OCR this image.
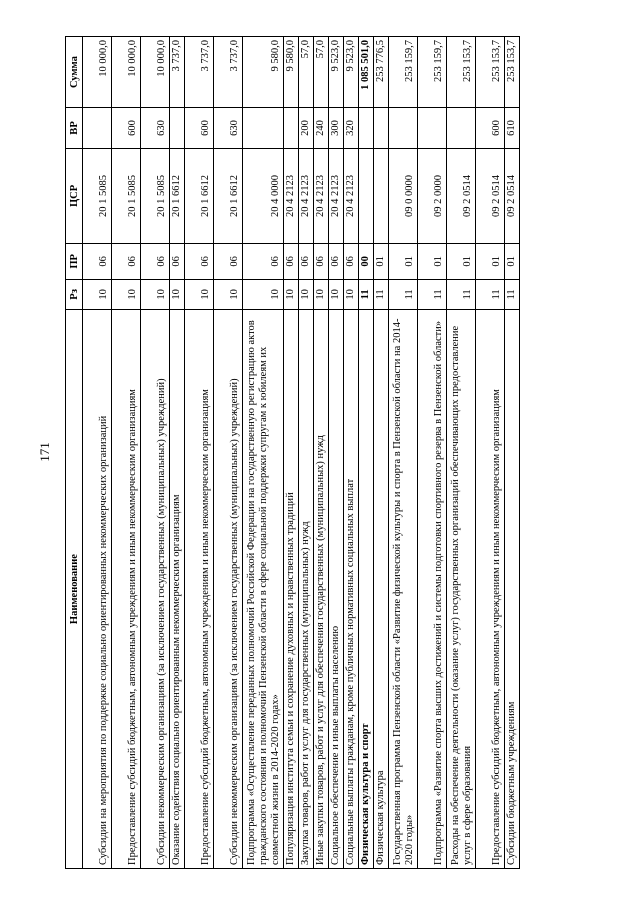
171
Наименование	Рз	ПР	ЦСР	ВР	Сумма
Субсидии на мероприятия по поддержке социально ориентированных некоммерческих организаций	10	06	20 1 5085		10 000,0
Предоставление субсидий бюджетным, автономным учреждениям и иным некоммерческим организациям	10	06	20 1 5085	600	10 000,0
Субсидии некоммерческим организациям (за исключением государственных (муниципальных) учреждений)	10	06	20 1 5085	630	10 000,0
Оказание содействия социально ориентированным некоммерческим организациям	10	06	20 1 6612		3 737,0
Предоставление субсидий бюджетным, автономным учреждениям и иным некоммерческим организациям	10	06	20 1 6612	600	3 737,0
Субсидии некоммерческим организациям (за исключением государственных (муниципальных) учреждений)	10	06	20 1 6612	630	3 737,0
Подпрограмма «Осуществление переданных полномочий Российской Федерации на государственную регистрацию актов гражданского состояния и полномочий Пензенской области в сфере социальной поддержки супругам к юбилеям их совместной жизни в 2014-2020 годах»	10	06	20 4 0000		9 580,0
Популяризация института семьи и сохранение духовных и нравственных традиций	10	06	20 4 2123		9 580,0
Закупка товаров, работ и услуг для государственных (муниципальных) нужд	10	06	20 4 2123	200	57,0
Иные закупки товаров, работ и услуг для обеспечения государственных (муниципальных) нужд	10	06	20 4 2123	240	57,0
Социальное обеспечение и иные выплаты населению	10	06	20 4 2123	300	9 523,0
Социальные выплаты гражданам, кроме публичных нормативных социальных выплат	10	06	20 4 2123	320	9 523,0
Физическая культура и спорт	11	00			1 085 501,0
Физическая культура	11	01			253 776,5
Государственная программа Пензенской области «Развитие физической культуры и спорта в Пензенской области на 2014-2020 годы»	11	01	09 0 0000		253 159,7
Подпрограмма «Развитие спорта высших достижений и системы подготовки спортивного резерва в Пензенской области»	11	01	09 2 0000		253 159,7
Расходы на обеспечение деятельности (оказание услуг) государственных организаций обеспечивающих предоставление услуг в сфере образования	11	01	09 2 0514		253 153,7
Предоставление субсидий бюджетным, автономным учреждениям и иным некоммерческим организациям	11	01	09 2 0514	600	253 153,7
Субсидии бюджетным учреждениям	11	01	09 2 0514	610	253 153,7
